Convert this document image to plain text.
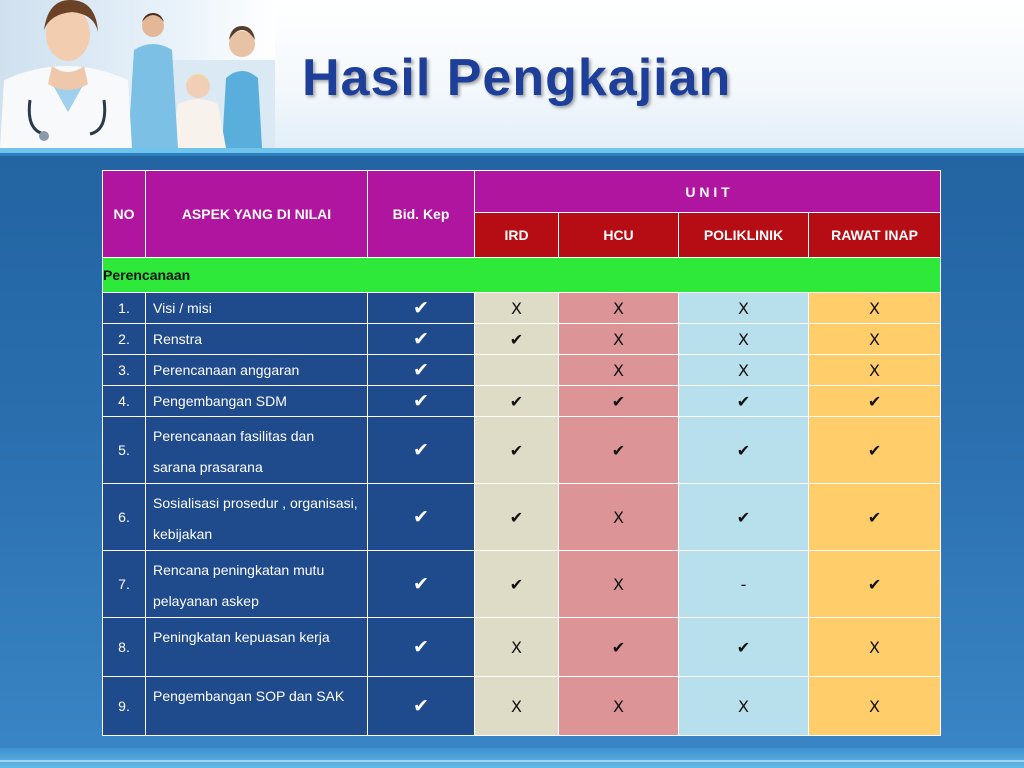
Hasil Pengkajian
NO	ASPEK YANG DI NILAI	Bid. Kep	U N I T			
			IRD	HCU	POLIKLINIK	RAWAT INAP
Perencanaan						
1.	Visi / misi	✔	X	X	X	X
2.	Renstra	✔	✔	X	X	X
3.	Perencanaan anggaran	✔		X	X	X
4.	Pengembangan SDM	✔	✔	✔	✔	✔
5.	Perencanaan fasilitas dan sarana prasarana	✔	✔	✔	✔	✔
6.	Sosialisasi prosedur , organisasi, kebijakan	✔	✔	X	✔	✔
7.	Rencana peningkatan mutu pelayanan askep	✔	✔	X	-	✔
8.	Peningkatan kepuasan kerja	✔	X	✔	✔	X
9.	Pengembangan SOP dan SAK	✔	X	X	X	X
